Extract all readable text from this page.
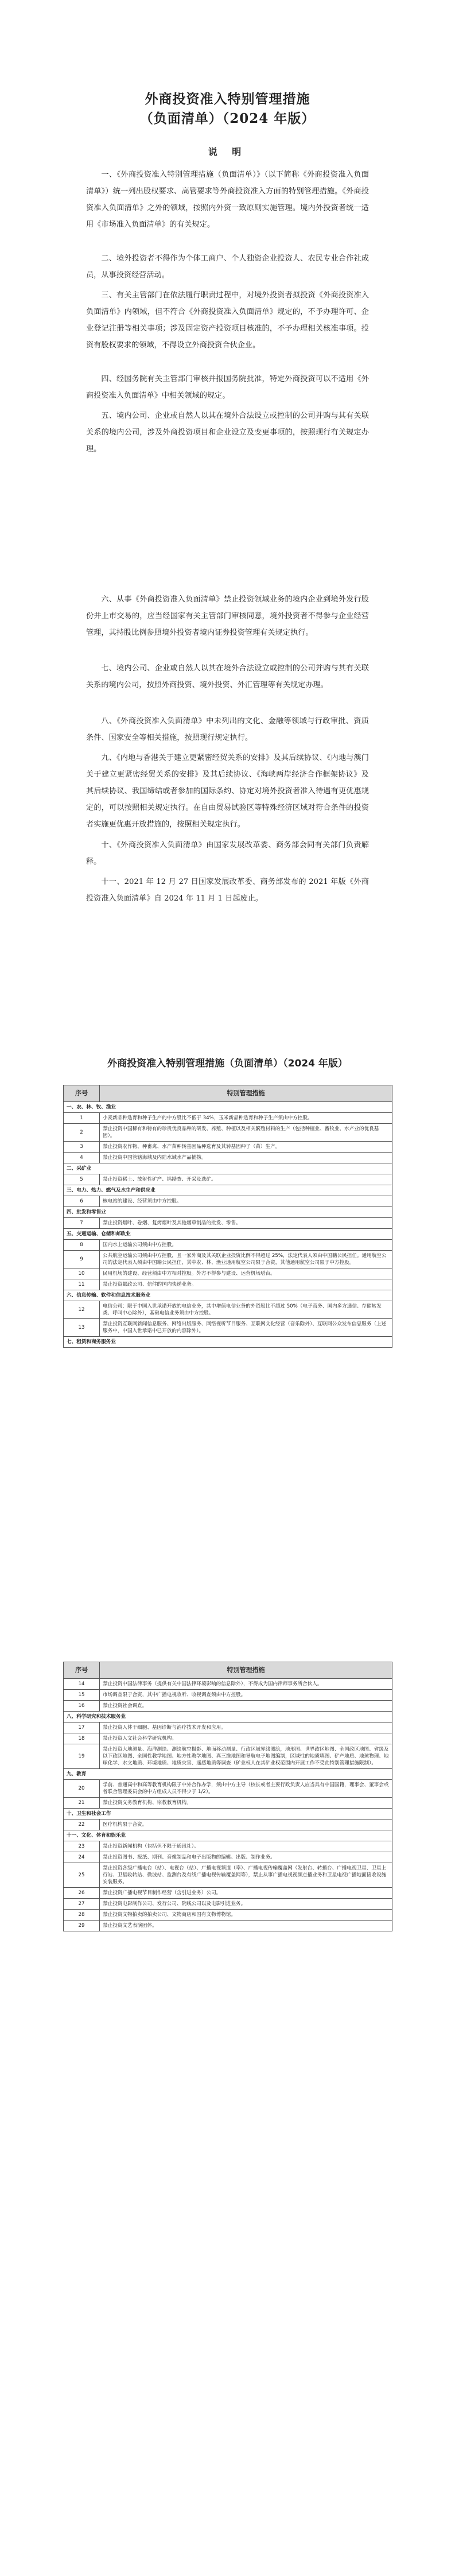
外商投资准入特别管理措施
（负面清单）（2024 年版）
说 明

一、《外商投资准入特别管理措施（负面清单）》（以下简称《外商投资准入负面清单》）统一列出股权要求、高管要求等外商投资准入方面的特别管理措施。《外商投资准入负面清单》之外的领域，按照内外资一致原则实施管理。境内外投资者统一适用《市场准入负面清单》的有关规定。

二、境外投资者不得作为个体工商户、个人独资企业投资人、农民专业合作社成员，从事投资经营活动。

三、有关主管部门在依法履行职责过程中，对境外投资者拟投资《外商投资准入负面清单》内领域，但不符合《外商投资准入负面清单》规定的，不予办理许可、企业登记注册等相关事项；涉及固定资产投资项目核准的，不予办理相关核准事项。投资有股权要求的领域，不得设立外商投资合伙企业。

四、经国务院有关主管部门审核并报国务院批准，特定外商投资可以不适用《外商投资准入负面清单》中相关领域的规定。

五、境内公司、企业或自然人以其在境外合法设立或控制的公司并购与其有关联关系的境内公司，涉及外商投资项目和企业设立及变更事项的，按照现行有关规定办理。

六、从事《外商投资准入负面清单》禁止投资领域业务的境内企业到境外发行股份并上市交易的，应当经国家有关主管部门审核同意，境外投资者不得参与企业经营管理，其持股比例参照境外投资者境内证券投资管理有关规定执行。

七、境内公司、企业或自然人以其在境外合法设立或控制的公司并购与其有关联关系的境内公司，按照外商投资、境外投资、外汇管理等有关规定办理。

八、《外商投资准入负面清单》中未列出的文化、金融等领域与行政审批、资质条件、国家安全等相关措施，按照现行规定执行。

九、《内地与香港关于建立更紧密经贸关系的安排》及其后续协议、《内地与澳门关于建立更紧密经贸关系的安排》及其后续协议、《海峡两岸经济合作框架协议》及其后续协议、我国缔结或者参加的国际条约、协定对境外投资者准入待遇有更优惠规定的，可以按照相关规定执行。在自由贸易试验区等特殊经济区域对符合条件的投资者实施更优惠开放措施的，按照相关规定执行。

十、《外商投资准入负面清单》由国家发展改革委、商务部会同有关部门负责解释。

十一、2021 年 12 月 27 日国家发展改革委、商务部发布的 2021 年版《外商投资准入负面清单》自 2024 年 11 月 1 日起废止。

外商投资准入特别管理措施（负面清单）（2024 年版）
序号	特别管理措施
一、农、林、牧、渔业	
1	小麦新品种选育和种子生产的中方股比不低于 34%，玉米新品种选育和种子生产须由中方控股。
2	禁止投资中国稀有和特有的珍贵优良品种的研发、养殖、种植以及相关繁殖材料的生产（包括种植业、畜牧业、水产业的优良基因）。
3	禁止投资农作物、种畜禽、水产苗种转基因品种选育及其转基因种子（苗）生产。
4	禁止投资中国管辖海域及内陆水域水产品捕捞。
二、采矿业	
5	禁止投资稀土、放射性矿产、钨勘查、开采及选矿。
三、电力、热力、燃气及水生产和供应业	
6	核电站的建设、经营须由中方控股。
四、批发和零售业	
7	禁止投资烟叶、卷烟、复烤烟叶及其他烟草制品的批发、零售。
五、交通运输、仓储和邮政业	
8	国内水上运输公司须由中方控股。
9	公共航空运输公司须由中方控股，且一家外商及其关联企业投资比例不得超过 25%，法定代表人须由中国籍公民担任。通用航空公司的法定代表人须由中国籍公民担任，其中农、林、渔业通用航空公司限于合资，其他通用航空公司限于中方控股。
10	民用机场的建设、经营须由中方相对控股。外方不得参与建设、运营机场塔台。
11	禁止投资邮政公司、信件的国内快递业务。
六、信息传输、软件和信息技术服务业	
12	电信公司：限于中国入世承诺开放的电信业务，其中增值电信业务的外资股比不超过 50%（电子商务、国内多方通信、存储转发类、呼叫中心除外），基础电信业务须由中方控股。
13	禁止投资互联网新闻信息服务、网络出版服务、网络视听节目服务、互联网文化经营（音乐除外）、互联网公众发布信息服务（上述服务中，中国入世承诺中已开放的内容除外）。
七、租赁和商务服务业	
序号	特别管理措施
14	禁止投资中国法律事务（提供有关中国法律环境影响的信息除外），不得成为国内律师事务所合伙人。
15	市场调查限于合资，其中广播电视收听、收视调查须由中方控股。
16	禁止投资社会调查。
八、科学研究和技术服务业	
17	禁止投资人体干细胞、基因诊断与治疗技术开发和应用。
18	禁止投资人文社会科学研究机构。
19	禁止投资大地测量、海洋测绘、测绘航空摄影、地面移动测量、行政区域界线测绘，地形图、世界政区地图、全国政区地图、省级及以下政区地图、全国性教学地图、地方性教学地图、真三维地图和导航电子地图编制，区域性的地质填图、矿产地质、地球物理、地球化学、水文地质、环境地质、地质灾害、遥感地质等调查（矿业权人在其矿业权范围内开展工作不受此特别管理措施限制）。
九、教育	
20	学前、普通高中和高等教育机构限于中外合作办学，须由中方主导（校长或者主要行政负责人应当具有中国国籍，理事会、董事会或者联合管理委员会的中方组成人员不得少于 1/2）。
21	禁止投资义务教育机构、宗教教育机构。
十、卫生和社会工作	
22	医疗机构限于合资。
十一、文化、体育和娱乐业	
23	禁止投资新闻机构（包括但不限于通讯社）。
24	禁止投资图书、报纸、期刊、音像制品和电子出版物的编辑、出版、制作业务。
25	禁止投资各级广播电台（站）、电视台（站）、广播电视频道（率）、广播电视传输覆盖网（发射台、转播台、广播电视卫星、卫星上行站、卫星收转站、微波站、监测台及有线广播电视传输覆盖网等），禁止从事广播电视视频点播业务和卫星电视广播地面接收设施安装服务。
26	禁止投资广播电视节目制作经营（含引进业务）公司。
27	禁止投资电影制作公司、发行公司、院线公司以及电影引进业务。
28	禁止投资文物拍卖的拍卖公司、文物商店和国有文物博物馆。
29	禁止投资文艺表演团体。
